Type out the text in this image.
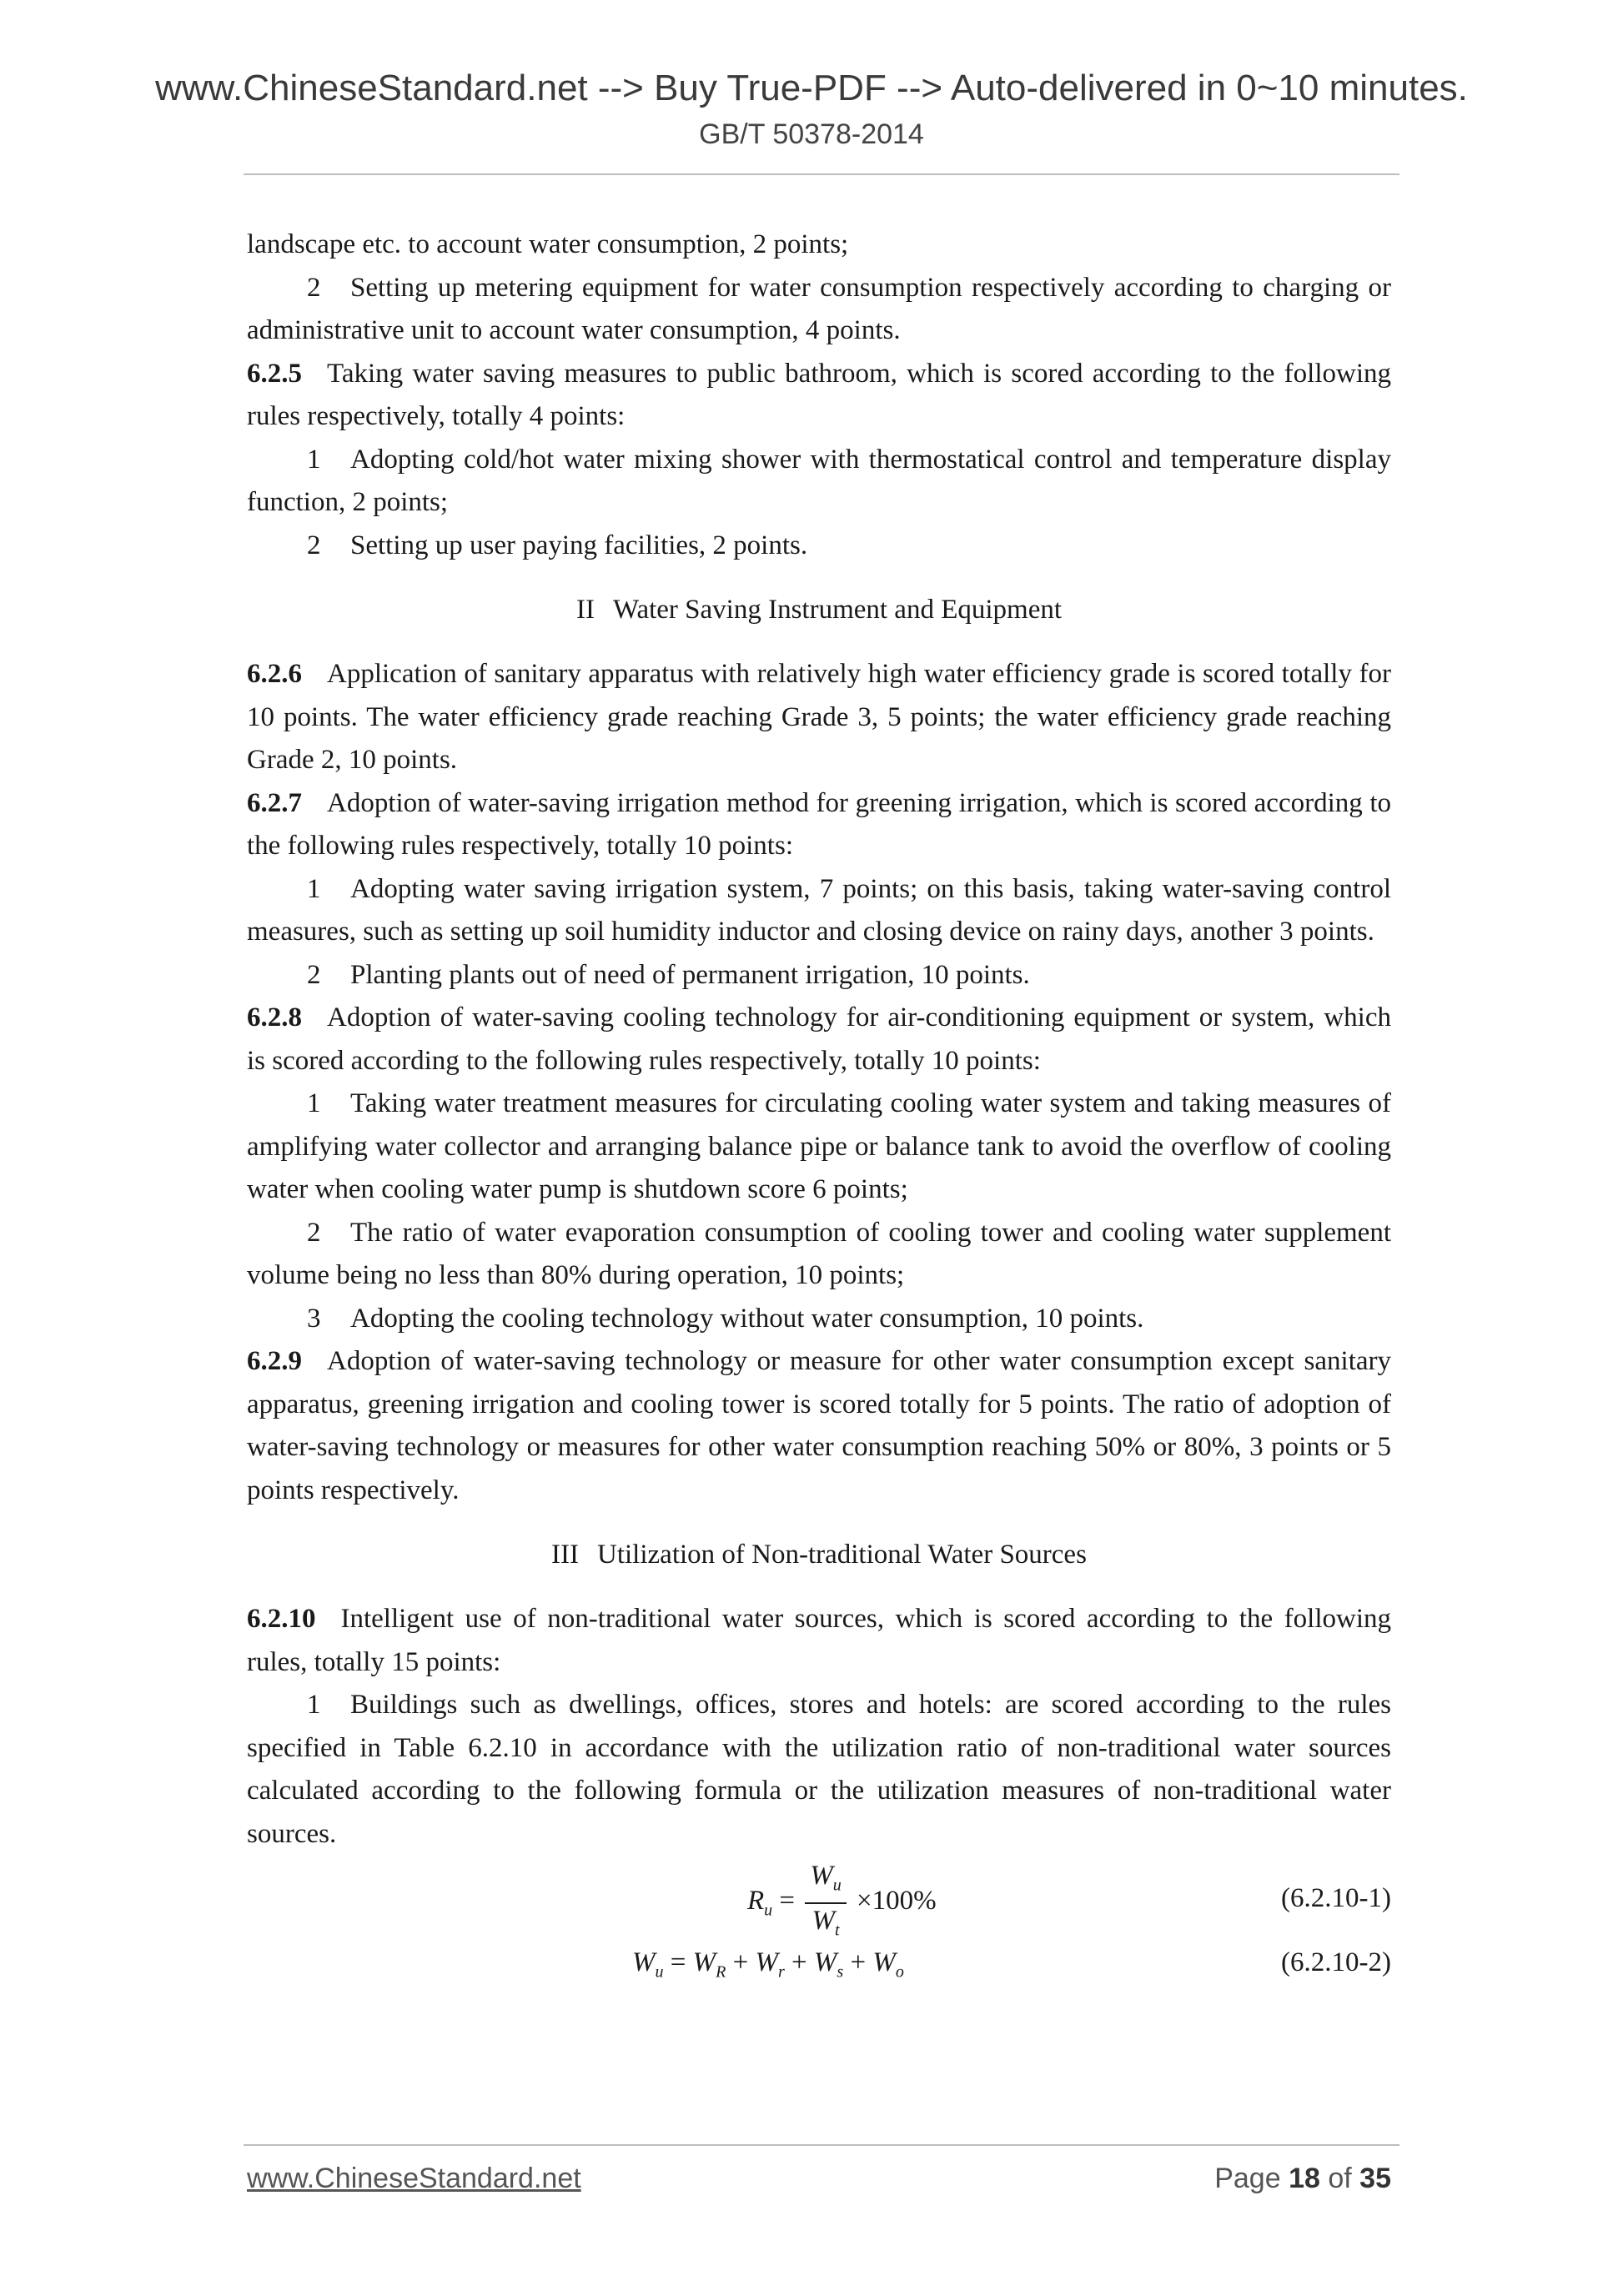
www.ChineseStandard.net --> Buy True-PDF --> Auto-delivered in 0~10 minutes.
GB/T 50378-2014

landscape etc. to account water consumption, 2 points;

2 Setting up metering equipment for water consumption respectively according to charging or administrative unit to account water consumption, 4 points.

6.2.5 Taking water saving measures to public bathroom, which is scored according to the following rules respectively, totally 4 points:

1 Adopting cold/hot water mixing shower with thermostatical control and temperature display function, 2 points;

2 Setting up user paying facilities, 2 points.

II Water Saving Instrument and Equipment

6.2.6 Application of sanitary apparatus with relatively high water efficiency grade is scored totally for 10 points. The water efficiency grade reaching Grade 3, 5 points; the water efficiency grade reaching Grade 2, 10 points.

6.2.7 Adoption of water-saving irrigation method for greening irrigation, which is scored according to the following rules respectively, totally 10 points:

1 Adopting water saving irrigation system, 7 points; on this basis, taking water-saving control measures, such as setting up soil humidity inductor and closing device on rainy days, another 3 points.

2 Planting plants out of need of permanent irrigation, 10 points.

6.2.8 Adoption of water-saving cooling technology for air-conditioning equipment or system, which is scored according to the following rules respectively, totally 10 points:

1 Taking water treatment measures for circulating cooling water system and taking measures of amplifying water collector and arranging balance pipe or balance tank to avoid the overflow of cooling water when cooling water pump is shutdown score 6 points;

2 The ratio of water evaporation consumption of cooling tower and cooling water supplement volume being no less than 80% during operation, 10 points;

3 Adopting the cooling technology without water consumption, 10 points.

6.2.9 Adoption of water-saving technology or measure for other water consumption except sanitary apparatus, greening irrigation and cooling tower is scored totally for 5 points. The ratio of adoption of water-saving technology or measures for other water consumption reaching 50% or 80%, 3 points or 5 points respectively.

III Utilization of Non-traditional Water Sources

6.2.10 Intelligent use of non-traditional water sources, which is scored according to the following rules, totally 15 points:

1 Buildings such as dwellings, offices, stores and hotels: are scored according to the rules specified in Table 6.2.10 in accordance with the utilization ratio of non-traditional water sources calculated according to the following formula or the utilization measures of non-traditional water sources.

$R_u = \frac{W_u}{W_t} \times 100\%$	(6.2.10-1)
$W_u = W_R + W_r + W_s + W_o$	(6.2.10-2)
www.ChineseStandard.net	Page 18 of 35
